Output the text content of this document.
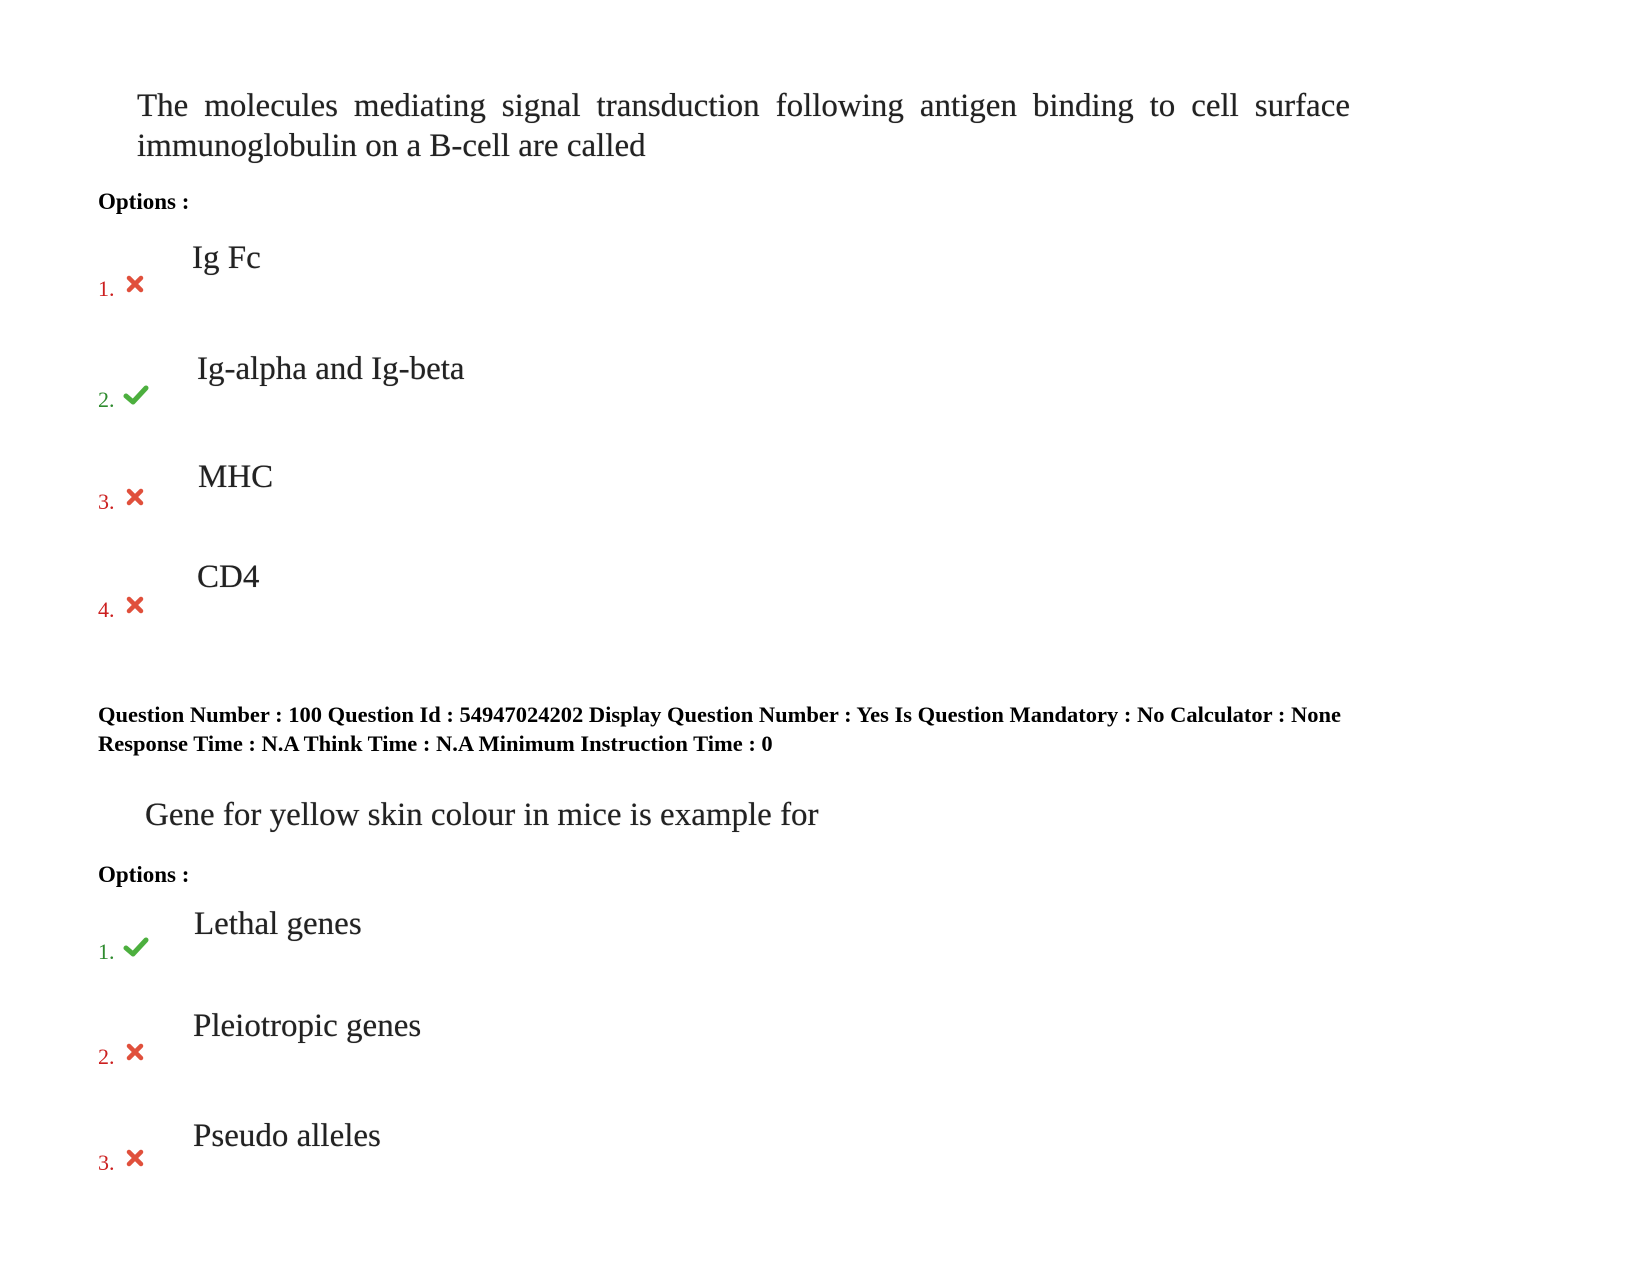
The molecules mediating signal transduction following antigen binding to cell surface immunoglobulin on a B-cell are called
Options :
1.
Ig Fc
2.
Ig-alpha and Ig-beta
3.
MHC
4.
CD4
Question Number : 100 Question Id : 54947024202 Display Question Number : Yes Is Question Mandatory : No Calculator : None
Response Time : N.A Think Time : N.A Minimum Instruction Time : 0
Gene for yellow skin colour in mice is example for
Options :
1.
Lethal genes
2.
Pleiotropic genes
3.
Pseudo alleles
